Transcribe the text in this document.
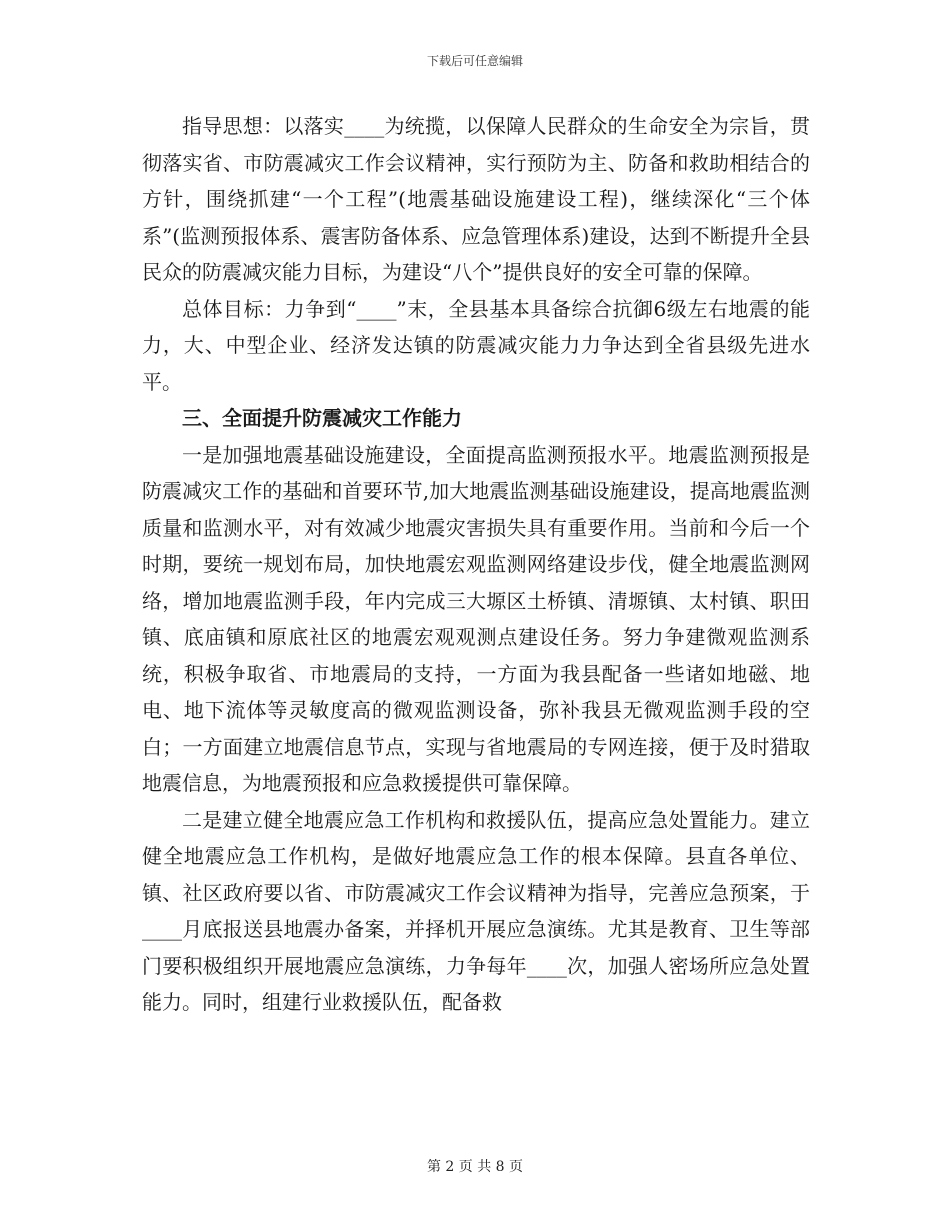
下载后可任意编辑

指导思想：以落实____为统揽，以保障人民群众的生命安全为宗旨，贯彻落实省、市防震减灾工作会议精神，实行预防为主、防备和救助相结合的方针，围绕抓建“一个工程”(地震基础设施建设工程)，继续深化“三个体系”(监测预报体系、震害防备体系、应急管理体系)建设，达到不断提升全县民众的防震减灾能力目标，为建设“八个”提供良好的安全可靠的保障。

总体目标：力争到“____”末，全县基本具备综合抗御6级左右地震的能力，大、中型企业、经济发达镇的防震减灾能力力争达到全省县级先进水平。

三、全面提升防震减灾工作能力

一是加强地震基础设施建设，全面提高监测预报水平。地震监测预报是防震减灾工作的基础和首要环节,加大地震监测基础设施建设，提高地震监测质量和监测水平，对有效减少地震灾害损失具有重要作用。当前和今后一个时期，要统一规划布局，加快地震宏观监测网络建设步伐，健全地震监测网络，增加地震监测手段，年内完成三大塬区土桥镇、清塬镇、太村镇、职田镇、底庙镇和原底社区的地震宏观观测点建设任务。努力争建微观监测系统，积极争取省、市地震局的支持，一方面为我县配备一些诸如地磁、地电、地下流体等灵敏度高的微观监测设备，弥补我县无微观监测手段的空白；一方面建立地震信息节点，实现与省地震局的专网连接，便于及时猎取地震信息，为地震预报和应急救援提供可靠保障。

二是建立健全地震应急工作机构和救援队伍，提高应急处置能力。建立健全地震应急工作机构，是做好地震应急工作的根本保障。县直各单位、镇、社区政府要以省、市防震减灾工作会议精神为指导，完善应急预案，于____月底报送县地震办备案，并择机开展应急演练。尤其是教育、卫生等部门要积极组织开展地震应急演练，力争每年____次，加强人密场所应急处置能力。同时，组建行业救援队伍，配备救

第 2 页 共 8 页
